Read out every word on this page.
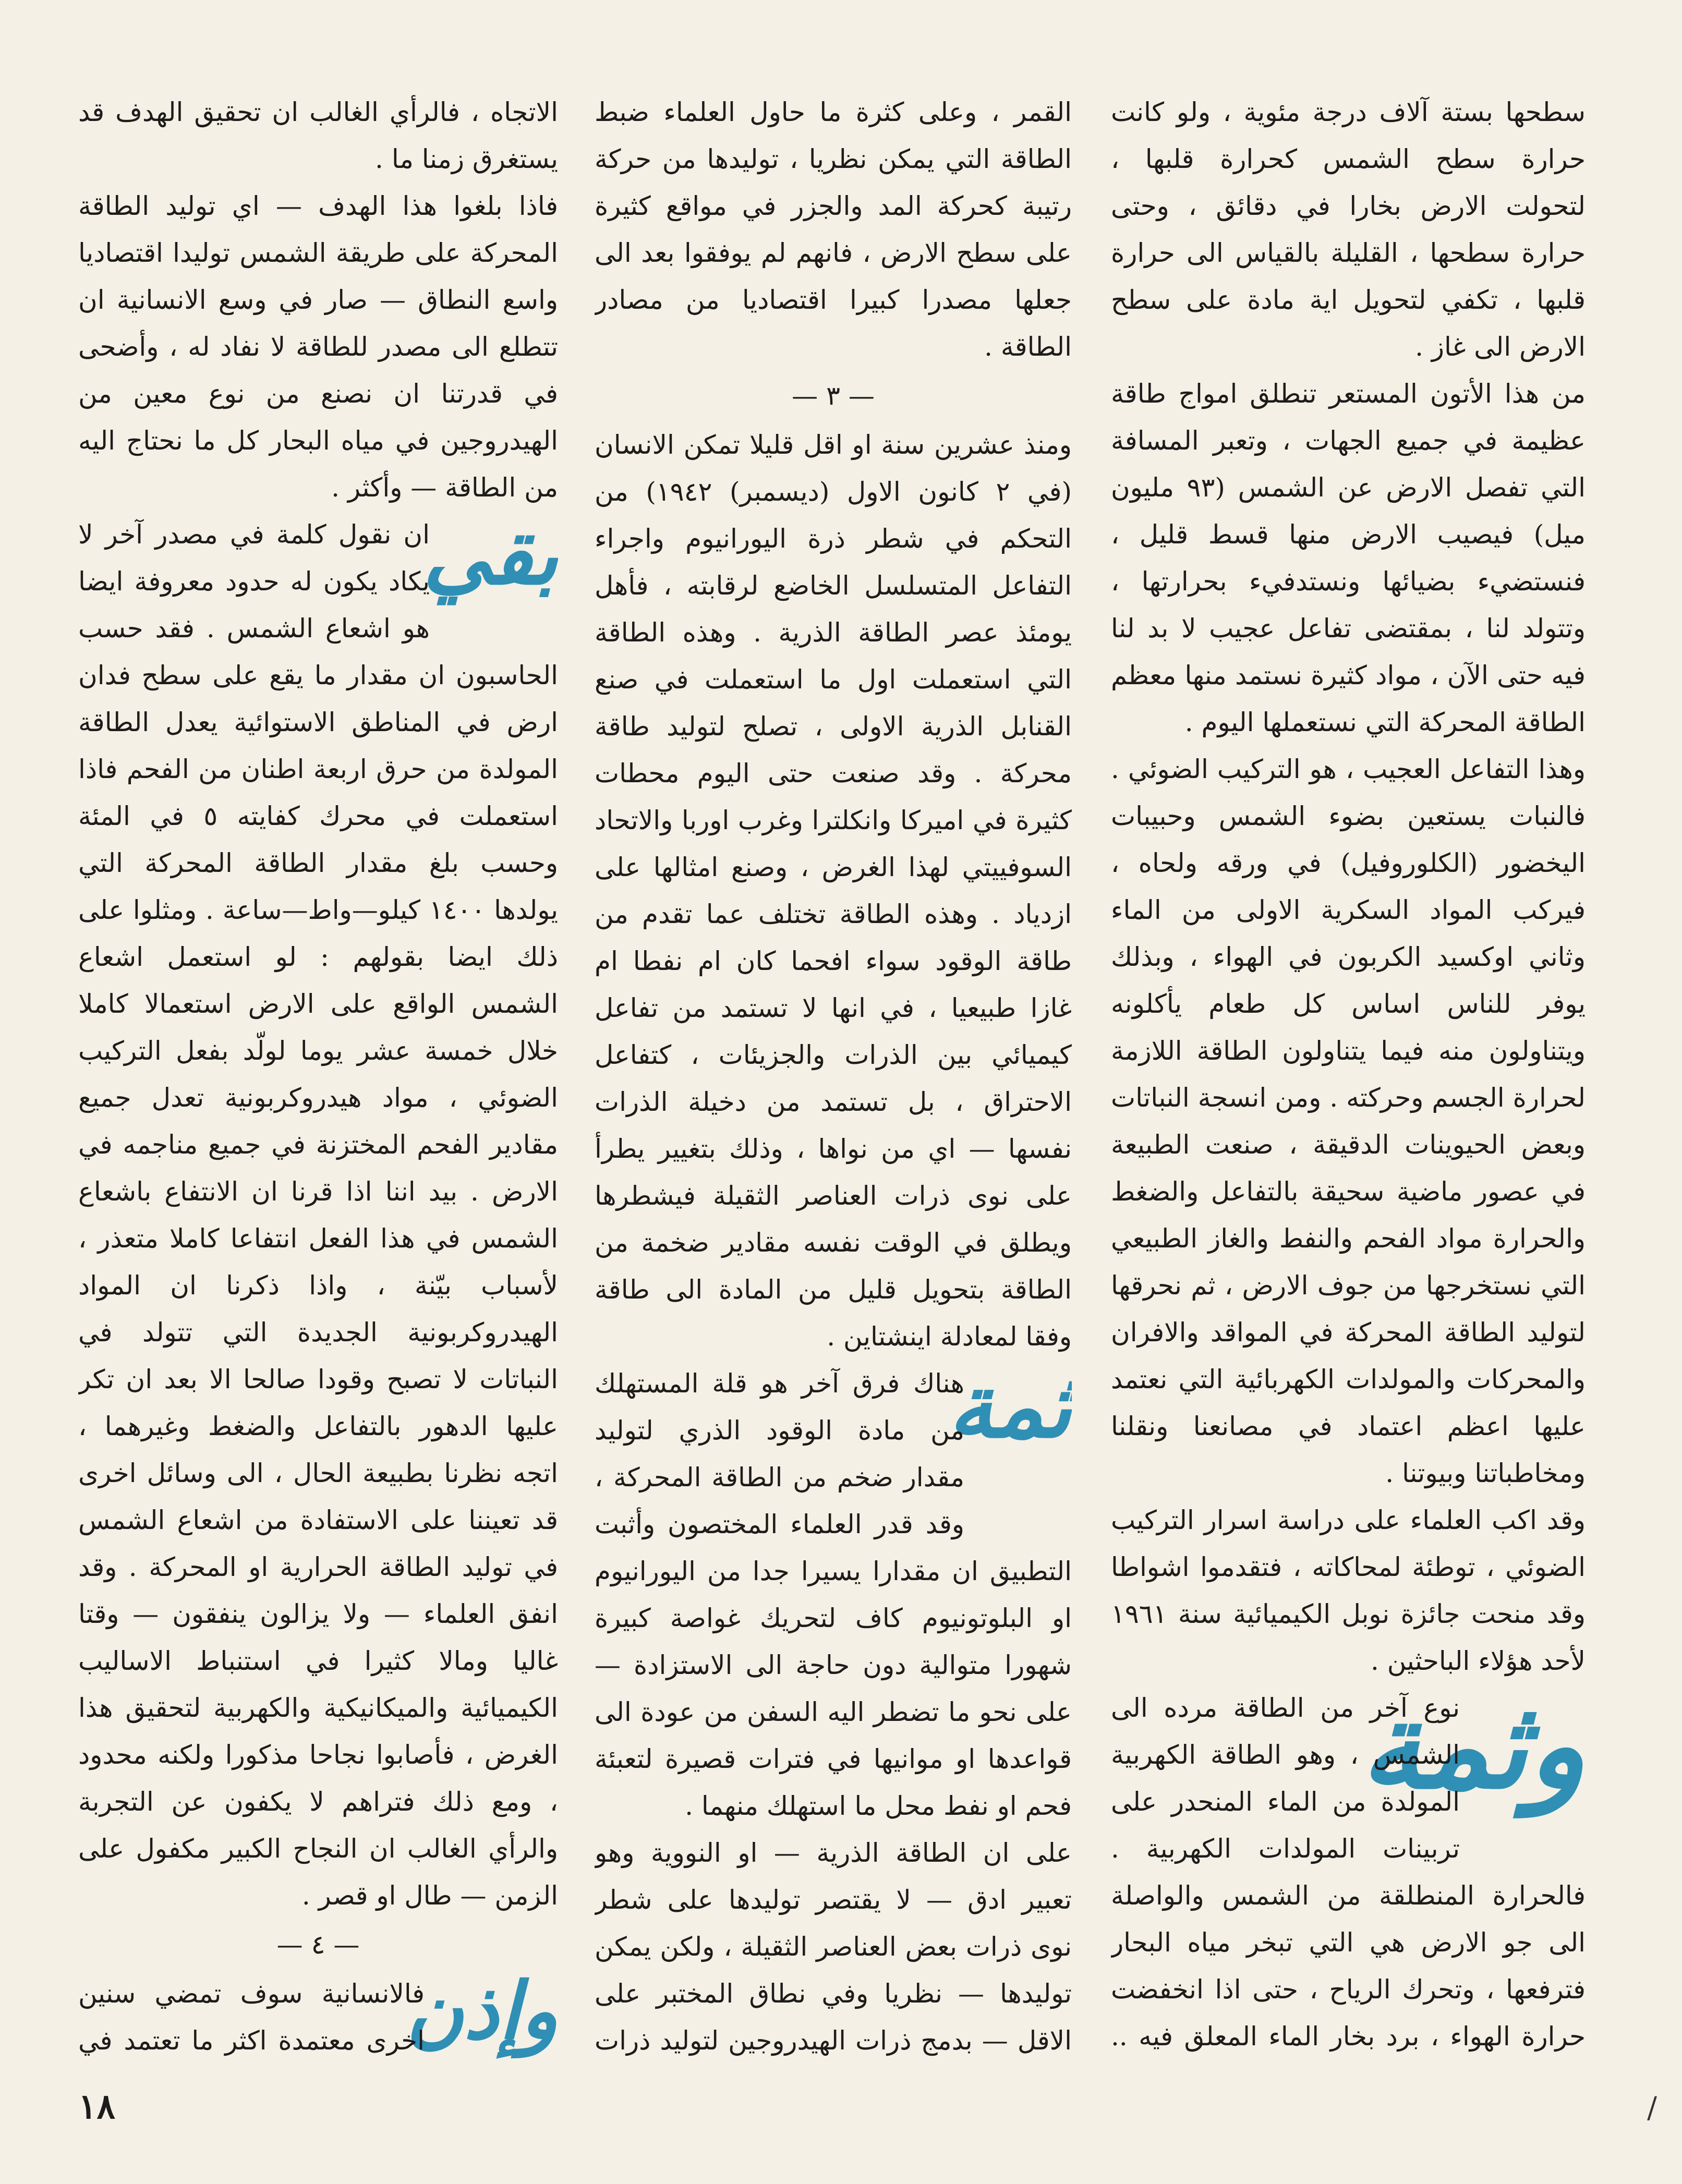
سطحها بستة آلاف درجة مئوية ، ولو كانت حرارة سطح الشمس كحرارة قلبها ، لتحولت الارض بخارا في دقائق ، وحتى حرارة سطحها ، القليلة بالقياس الى حرارة قلبها ، تكفي لتحويل اية مادة على سطح الارض الى غاز .

من هذا الأتون المستعر تنطلق امواج طاقة عظيمة في جميع الجهات ، وتعبر المسافة التي تفصل الارض عن الشمس (٩٣ مليون ميل) فيصيب الارض منها قسط قليل ، فنستضيء بضيائها ونستدفيء بحرارتها ، وتتولد لنا ، بمقتضى تفاعل عجيب لا بد لنا فيه حتى الآن ، مواد كثيرة نستمد منها معظم الطاقة المحركة التي نستعملها اليوم .

وهذا التفاعل العجيب ، هو التركيب الضوئي . فالنبات يستعين بضوء الشمس وحبيبات اليخضور (الكلوروفيل) في ورقه ولحاه ، فيركب المواد السكرية الاولى من الماء وثاني اوكسيد الكربون في الهواء ، وبذلك يوفر للناس اساس كل طعام يأكلونه ويتناولون منه فيما يتناولون الطاقة اللازمة لحرارة الجسم وحركته . ومن انسجة النباتات وبعض الحيوينات الدقيقة ، صنعت الطبيعة في عصور ماضية سحيقة بالتفاعل والضغط والحرارة مواد الفحم والنفط والغاز الطبيعي التي نستخرجها من جوف الارض ، ثم نحرقها لتوليد الطاقة المحركة في المواقد والافران والمحركات والمولدات الكهربائية التي نعتمد عليها اعظم اعتماد في مصانعنا ونقلنا ومخاطباتنا وبيوتنا .

وقد اكب العلماء على دراسة اسرار التركيب الضوئي ، توطئة لمحاكاته ، فتقدموا اشواطا وقد منحت جائزة نوبل الكيميائية سنة ١٩٦١ لأحد هؤلاء الباحثين .

وثمة

نوع آخر من الطاقة مرده الى الشمس ، وهو الطاقة الكهربية المولدة من الماء المنحدر على تربينات المولدات الكهربية . فالحرارة المنطلقة من الشمس والواصلة الى جو الارض هي التي تبخر مياه البحار فترفعها ، وتحرك الرياح ، حتى اذا انخفضت حرارة الهواء ، برد بخار الماء المعلق فيه ..

القمر ، وعلى كثرة ما حاول العلماء ضبط الطاقة التي يمكن نظريا ، توليدها من حركة رتيبة كحركة المد والجزر في مواقع كثيرة على سطح الارض ، فانهم لم يوفقوا بعد الى جعلها مصدرا كبيرا اقتصاديا من مصادر الطاقة .

— ٣ —

ومنذ عشرين سنة او اقل قليلا تمكن الانسان (في ٢ كانون الاول (ديسمبر) ١٩٤٢) من التحكم في شطر ذرة اليورانيوم واجراء التفاعل المتسلسل الخاضع لرقابته ، فأهل يومئذ عصر الطاقة الذرية . وهذه الطاقة التي استعملت اول ما استعملت في صنع القنابل الذرية الاولى ، تصلح لتوليد طاقة محركة . وقد صنعت حتى اليوم محطات كثيرة في اميركا وانكلترا وغرب اوربا والاتحاد السوفييتي لهذا الغرض ، وصنع امثالها على ازدياد . وهذه الطاقة تختلف عما تقدم من طاقة الوقود سواء افحما كان ام نفطا ام غازا طبيعيا ، في انها لا تستمد من تفاعل كيميائي بين الذرات والجزيئات ، كتفاعل الاحتراق ، بل تستمد من دخيلة الذرات نفسها — اي من نواها ، وذلك بتغيير يطرأ على نوى ذرات العناصر الثقيلة فيشطرها ويطلق في الوقت نفسه مقادير ضخمة من الطاقة بتحويل قليل من المادة الى طاقة وفقا لمعادلة اينشتاين .

ثمة

هناك فرق آخر هو قلة المستهلك من مادة الوقود الذري لتوليد مقدار ضخم من الطاقة المحركة ، وقد قدر العلماء المختصون وأثبت التطبيق ان مقدارا يسيرا جدا من اليورانيوم او البلوتونيوم كاف لتحريك غواصة كبيرة شهورا متوالية دون حاجة الى الاستزادة — على نحو ما تضطر اليه السفن من عودة الى قواعدها او موانيها في فترات قصيرة لتعبئة فحم او نفط محل ما استهلك منهما .

على ان الطاقة الذرية — او النووية وهو تعبير ادق — لا يقتصر توليدها على شطر نوى ذرات بعض العناصر الثقيلة ، ولكن يمكن توليدها — نظريا وفي نطاق المختبر على الاقل — بدمج ذرات الهيدروجين لتوليد ذرات

الاتجاه ، فالرأي الغالب ان تحقيق الهدف قد يستغرق زمنا ما .

فاذا بلغوا هذا الهدف — اي توليد الطاقة المحركة على طريقة الشمس توليدا اقتصاديا واسع النطاق — صار في وسع الانسانية ان تتطلع الى مصدر للطاقة لا نفاد له ، وأضحى في قدرتنا ان نصنع من نوع معين من الهيدروجين في مياه البحار كل ما نحتاج اليه من الطاقة — وأكثر .

بقي

ان نقول كلمة في مصدر آخر لا يكاد يكون له حدود معروفة ايضا هو اشعاع الشمس . فقد حسب الحاسبون ان مقدار ما يقع على سطح فدان ارض في المناطق الاستوائية يعدل الطاقة المولدة من حرق اربعة اطنان من الفحم فاذا استعملت في محرك كفايته ٥ في المئة وحسب بلغ مقدار الطاقة المحركة التي يولدها ١٤٠٠ كيلو—واط—ساعة . ومثلوا على ذلك ايضا بقولهم : لو استعمل اشعاع الشمس الواقع على الارض استعمالا كاملا خلال خمسة عشر يوما لولّد بفعل التركيب الضوئي ، مواد هيدروكربونية تعدل جميع مقادير الفحم المختزنة في جميع مناجمه في الارض . بيد اننا اذا قرنا ان الانتفاع باشعاع الشمس في هذا الفعل انتفاعا كاملا متعذر ، لأسباب بيّنة ، واذا ذكرنا ان المواد الهيدروكربونية الجديدة التي تتولد في النباتات لا تصبح وقودا صالحا الا بعد ان تكر عليها الدهور بالتفاعل والضغط وغيرهما ، اتجه نظرنا بطبيعة الحال ، الى وسائل اخرى قد تعيننا على الاستفادة من اشعاع الشمس في توليد الطاقة الحرارية او المحركة . وقد انفق العلماء — ولا يزالون ينفقون — وقتا غاليا ومالا كثيرا في استنباط الاساليب الكيميائية والميكانيكية والكهربية لتحقيق هذا الغرض ، فأصابوا نجاحا مذكورا ولكنه محدود ، ومع ذلك فتراهم لا يكفون عن التجربة والرأي الغالب ان النجاح الكبير مكفول على الزمن — طال او قصر .

— ٤ —
وإذن

فالانسانية سوف تمضي سنين اخرى معتمدة اكثر ما تعتمد في

١٨	/
